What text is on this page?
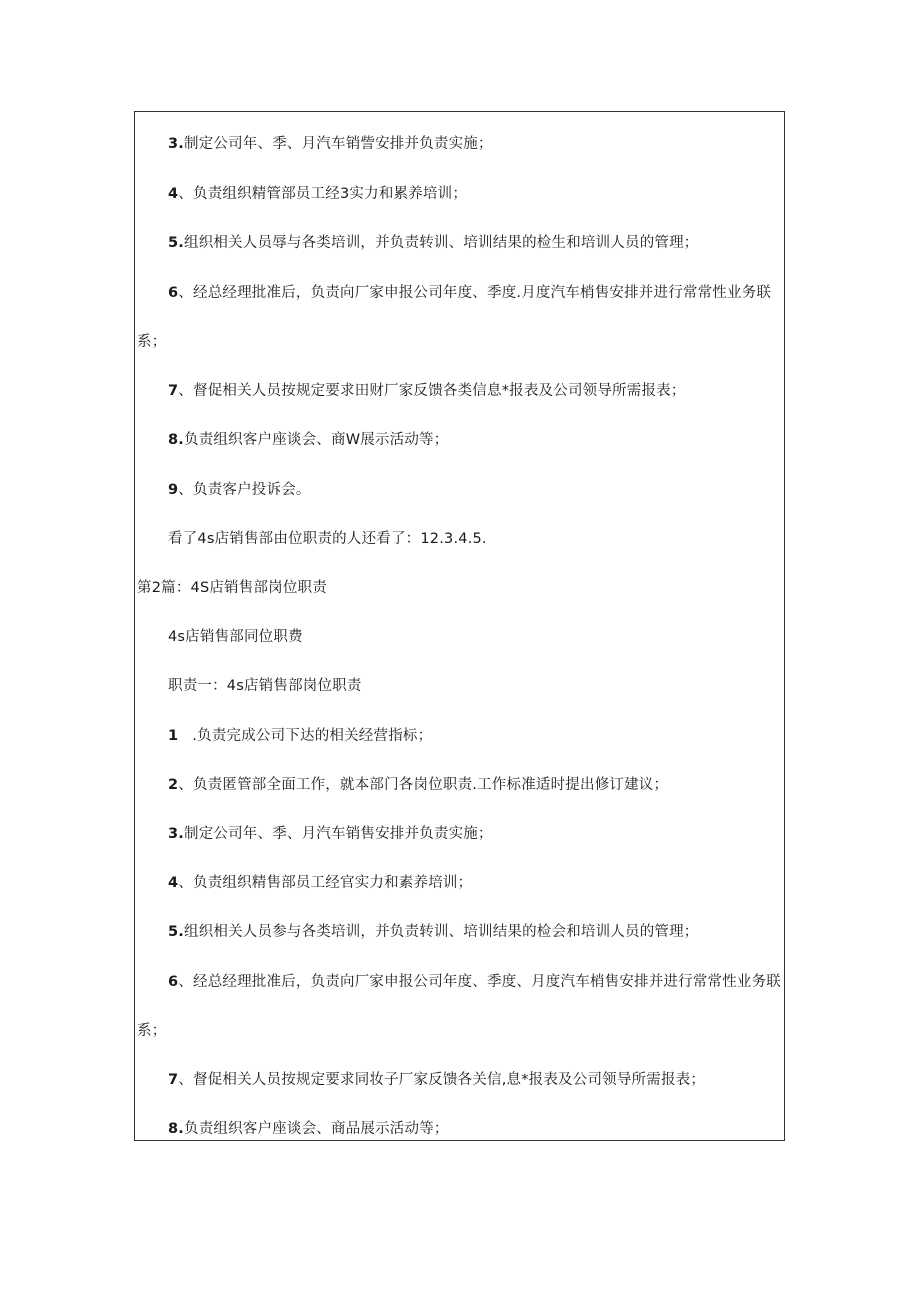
3.制定公司年、季、月汽车销訾安排并负责实施；
4、负责组织精管部员工经3实力和累养培训；
5.组织相关人员辱与各类培训，并负责转训、培训结果的检生和培训人员的管理；
6、经总经理批准后，负责向厂家申报公司年度、季度.月度汽车梢售安排并进行常常性业务联
系；
7、督促相关人员按规定要求田财厂家反馈各类信息*报表及公司领导所需报表；
8.负责组织客户座谈会、商W展示活动等；
9、负责客户投诉会。
看了4s店销售部由位职责的人还看了：12.3.4.5.
第2篇：4S店销售部岗位职责
4s店销售部同位职费
职责一：4s店销售部岗位职责
1 .负责完成公司下达的相关经营指标；
2、负责匿管部全面工作，就本部门各岗位职责.工作标准适时提出修订建议；
3.制定公司年、季、月汽车销售安排并负责实施；
4、负责组织精售部员工经官实力和素养培训；
5.组织相关人员参与各类培训，并负责转训、培训结果的检会和培训人员的管理；
6、经总经理批准后，负责向厂家申报公司年度、季度、月度汽车梢售安排并进行常常性业务联
系；
7、督促相关人员按规定要求同妆子厂家反馈各关信,息*报表及公司领导所需报表；
8.负责组织客户座谈会、商品展示活动等；
